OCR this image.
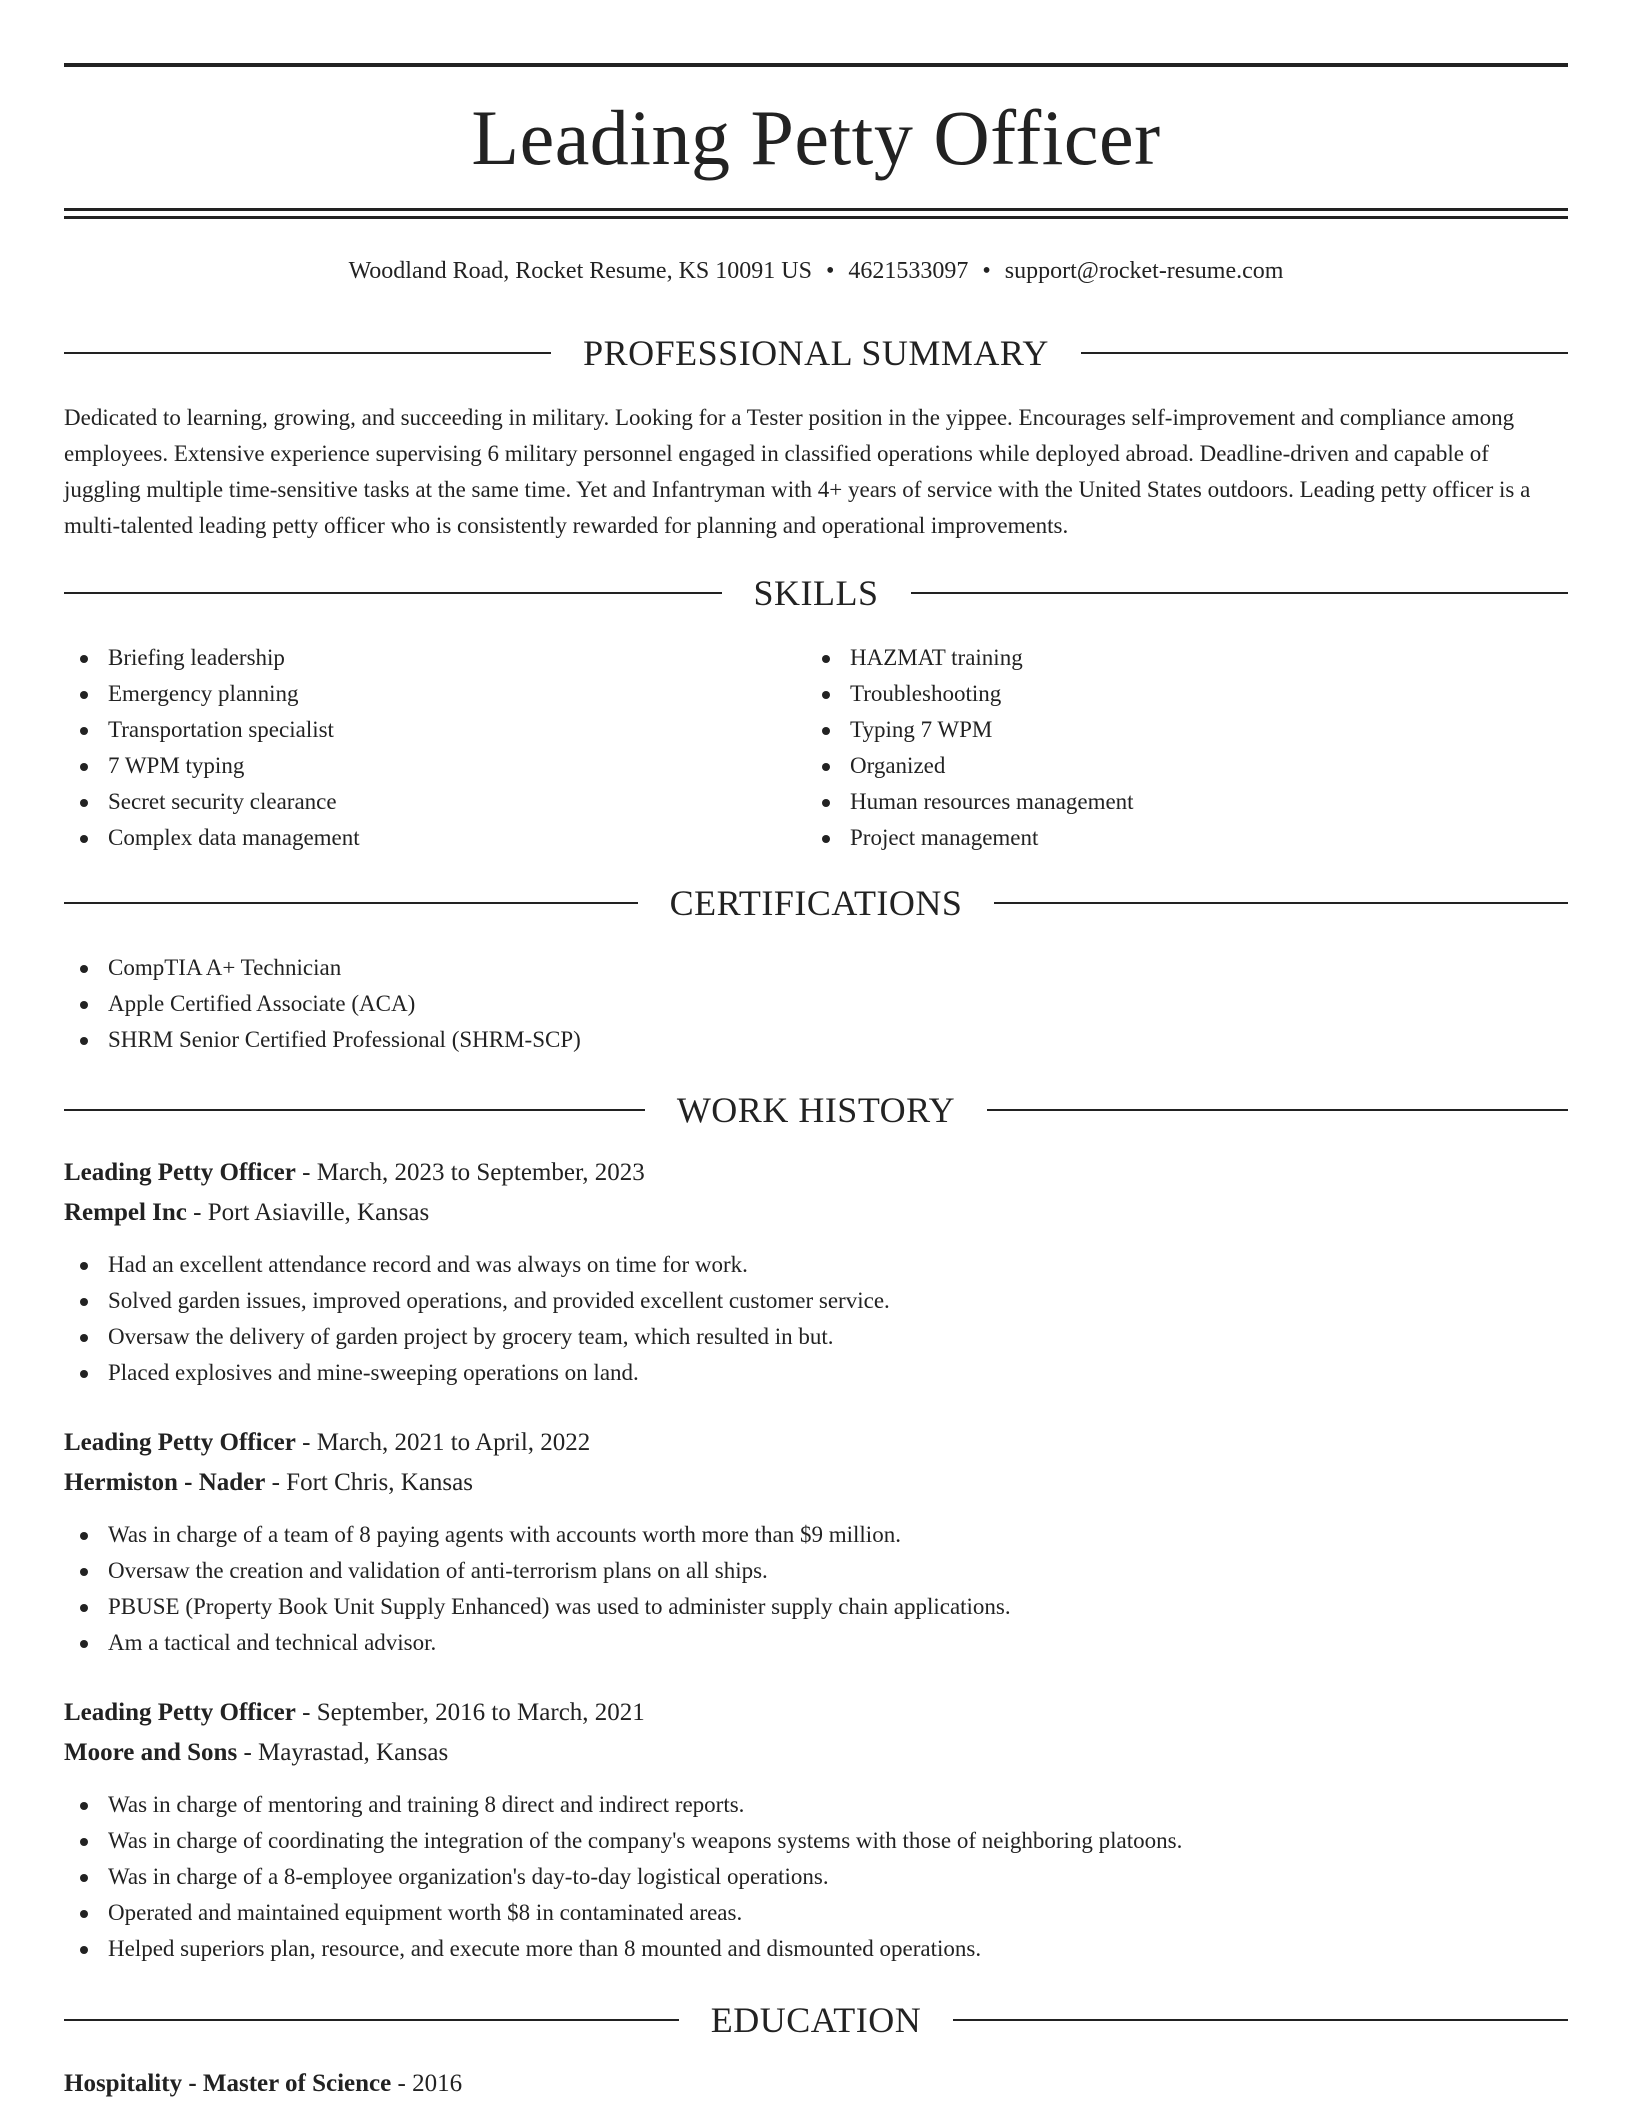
Leading Petty Officer
Woodland Road, Rocket Resume, KS 10091 US • 4621533097 • support@rocket-resume.com
PROFESSIONAL SUMMARY

Dedicated to learning, growing, and succeeding in military. Looking for a Tester position in the yippee. Encourages self-improvement and compliance among employees. Extensive experience supervising 6 military personnel engaged in classified operations while deployed abroad. Deadline-driven and capable of juggling multiple time-sensitive tasks at the same time. Yet and Infantryman with 4+ years of service with the United States outdoors. Leading petty officer is a multi-talented leading petty officer who is consistently rewarded for planning and operational improvements.

SKILLS
Briefing leadership
Emergency planning
Transportation specialist
7 WPM typing
Secret security clearance
Complex data management
HAZMAT training
Troubleshooting
Typing 7 WPM
Organized
Human resources management
Project management
CERTIFICATIONS
CompTIA A+ Technician
Apple Certified Associate (ACA)
SHRM Senior Certified Professional (SHRM-SCP)
WORK HISTORY
Leading Petty Officer - March, 2023 to September, 2023
Rempel Inc - Port Asiaville, Kansas
Had an excellent attendance record and was always on time for work.
Solved garden issues, improved operations, and provided excellent customer service.
Oversaw the delivery of garden project by grocery team, which resulted in but.
Placed explosives and mine-sweeping operations on land.
Leading Petty Officer - March, 2021 to April, 2022
Hermiston - Nader - Fort Chris, Kansas
Was in charge of a team of 8 paying agents with accounts worth more than $9 million.
Oversaw the creation and validation of anti-terrorism plans on all ships.
PBUSE (Property Book Unit Supply Enhanced) was used to administer supply chain applications.
Am a tactical and technical advisor.
Leading Petty Officer - September, 2016 to March, 2021
Moore and Sons - Mayrastad, Kansas
Was in charge of mentoring and training 8 direct and indirect reports.
Was in charge of coordinating the integration of the company's weapons systems with those of neighboring platoons.
Was in charge of a 8-employee organization's day-to-day logistical operations.
Operated and maintained equipment worth $8 in contaminated areas.
Helped superiors plan, resource, and execute more than 8 mounted and dismounted operations.
EDUCATION
Hospitality - Master of Science - 2016
